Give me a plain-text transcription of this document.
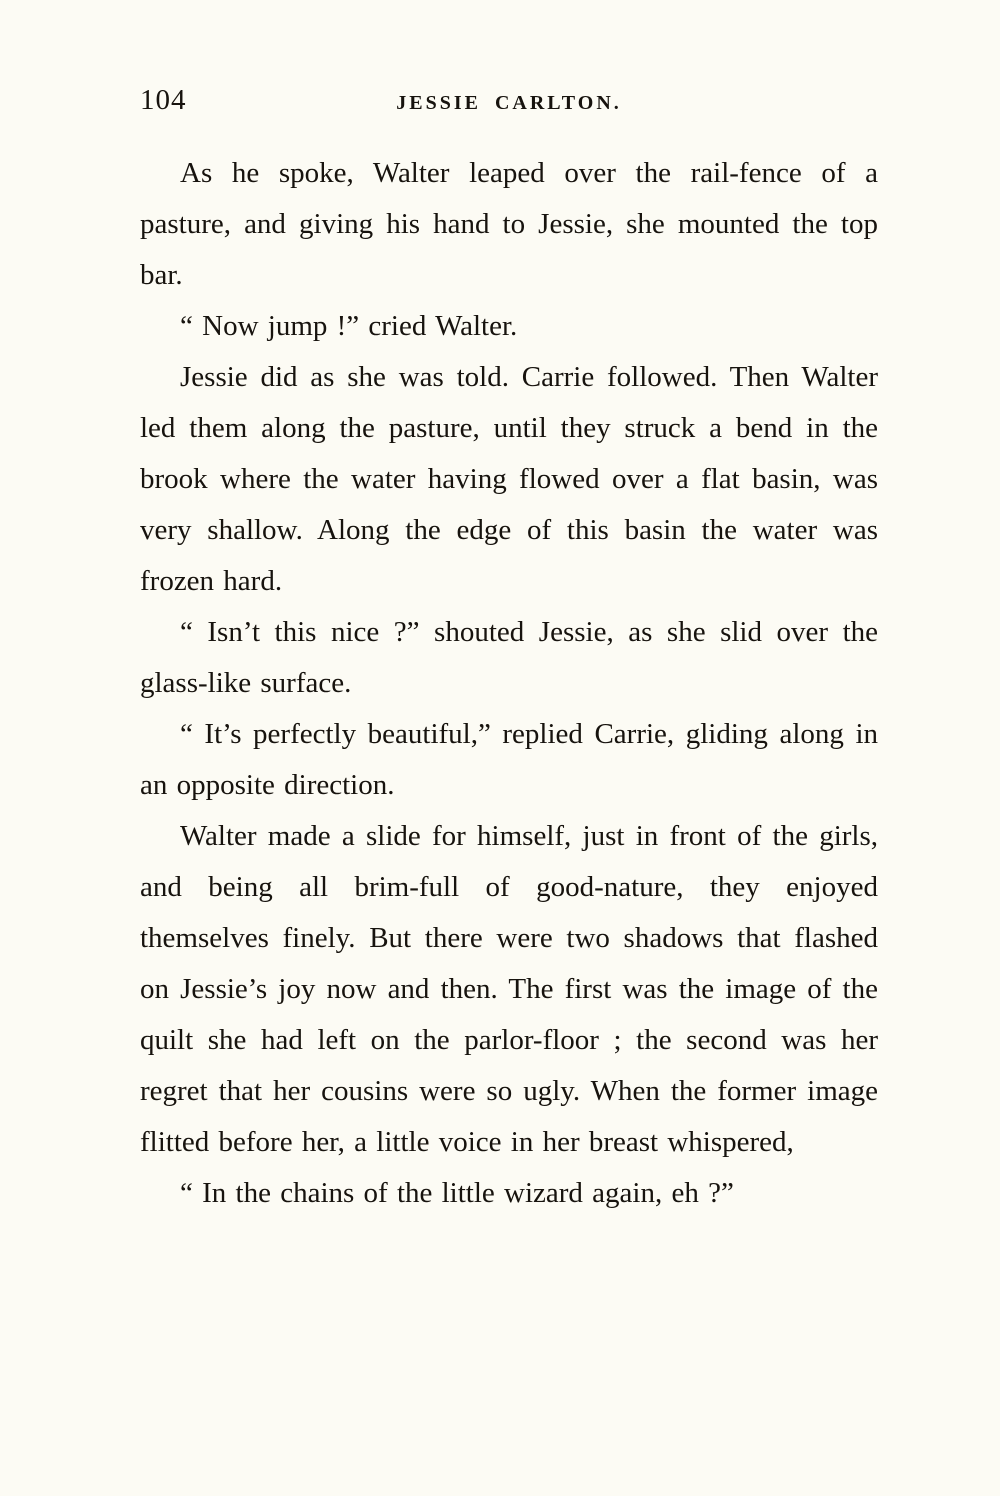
104	JESSIE CARLTON.

As he spoke, Walter leaped over the rail-fence of a pasture, and giving his hand to Jessie, she mounted the top bar.

“ Now jump !” cried Walter.

Jessie did as she was told. Carrie followed. Then Walter led them along the pasture, until they struck a bend in the brook where the water having flowed over a flat basin, was very shallow. Along the edge of this basin the water was frozen hard.

“ Isn’t this nice ?” shouted Jessie, as she slid over the glass-like surface.

“ It’s perfectly beautiful,” replied Carrie, gliding along in an opposite direction.

Walter made a slide for himself, just in front of the girls, and being all brim-full of good-nature, they enjoyed themselves finely. But there were two shadows that flashed on Jessie’s joy now and then. The first was the image of the quilt she had left on the parlor-floor ; the second was her regret that her cousins were so ugly. When the former image flitted before her, a little voice in her breast whispered,

“ In the chains of the little wizard again, eh ?”
